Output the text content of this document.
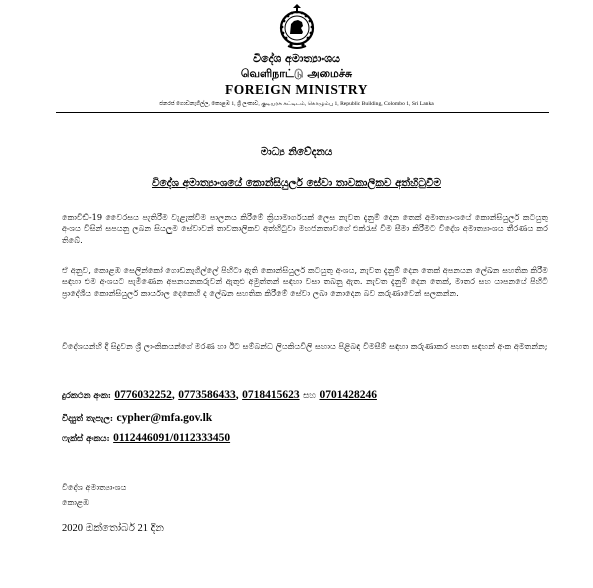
විදේශ අමාත්‍යාංශය
வெளிநாட்டு அமைச்சு
FOREIGN MINISTRY
ජනරජ ගොඩනැගිල්ල, කොළඹ 1, ශ්‍රී ලංකාව, குடியரசு கட்டிடம், கொழும்பு 1, Republic Building, Colombo 1, Sri Lanka
මාධ්‍ය නිවේදනය
විදේශ අමාත්‍යාංශයේ කොන්සියුලර් සේවා තාවකාලිකව අත්හිටුවීම
කොවිඩ්-19 වෛරසය පැතිරීම වැළැක්වීම පාලනය කිරීමේ ක්‍රියාමාර්ගයක් ලෙස නැවත දැනුම් දෙන තෙක් අමාත්‍යාංශයේ කොන්සියුලර් කටයුතු අංශය විසින් සපයනු ලබන සියලුම සේවාවන් තාවකාලිකව අත්හිටුවා මහජනතාවගේ එක්රැස් වීම සීමා කිරීමට විදේශ අමාත්‍යාංශය තීරණය කර තිබේ.
ඒ අනුව, කොළඹ සෙලින්කෝ ගොඩනැගිල්ලේ පිහිටා ඇති කොන්සියුලර් කටයුතු අංශය, නැවත දැනුම් දෙන තෙක් අපනයන ලේඛන සහතික කිරීම සඳහා එම අංශයට පැමිණෙන අපනයනකරුවන් ඇතුළු අමුත්තන් සඳහා වසා තබනු ඇත. නැවත දැනුම් දෙන තෙක්, මාතර සහ යාපනයේ පිහිටි ප්‍රාදේශීය කොන්සියුලර් කාර්යාල දෙකෙහි ද ලේඛන සහතික කිරීමේ සේවා ලබා නොදෙන බව කරුණාවෙන් සලකන්න.
විදේශයන්හි දී සිදුවන ශ්‍රී ලාංකිකයන්ගේ මරණ හා ඊට සම්බන්ධ ලියකියවිලි සහාය පිළිබඳ විමසීම් සඳහා කරුණාකර පහත සඳහන් අංක අමතන්න;
දුරකථන අංක: 0776032252, 0773586433, 0718415623 සහ 0701428246
විද්‍යුත් තැපැල: cypher@mfa.gov.lk
ෆැක්ස් අංකය: 0112446091/0112333450
විදේශ අමාත්‍යාංශය
කොළඹ
2020 ඔක්තෝබර් 21 දින
